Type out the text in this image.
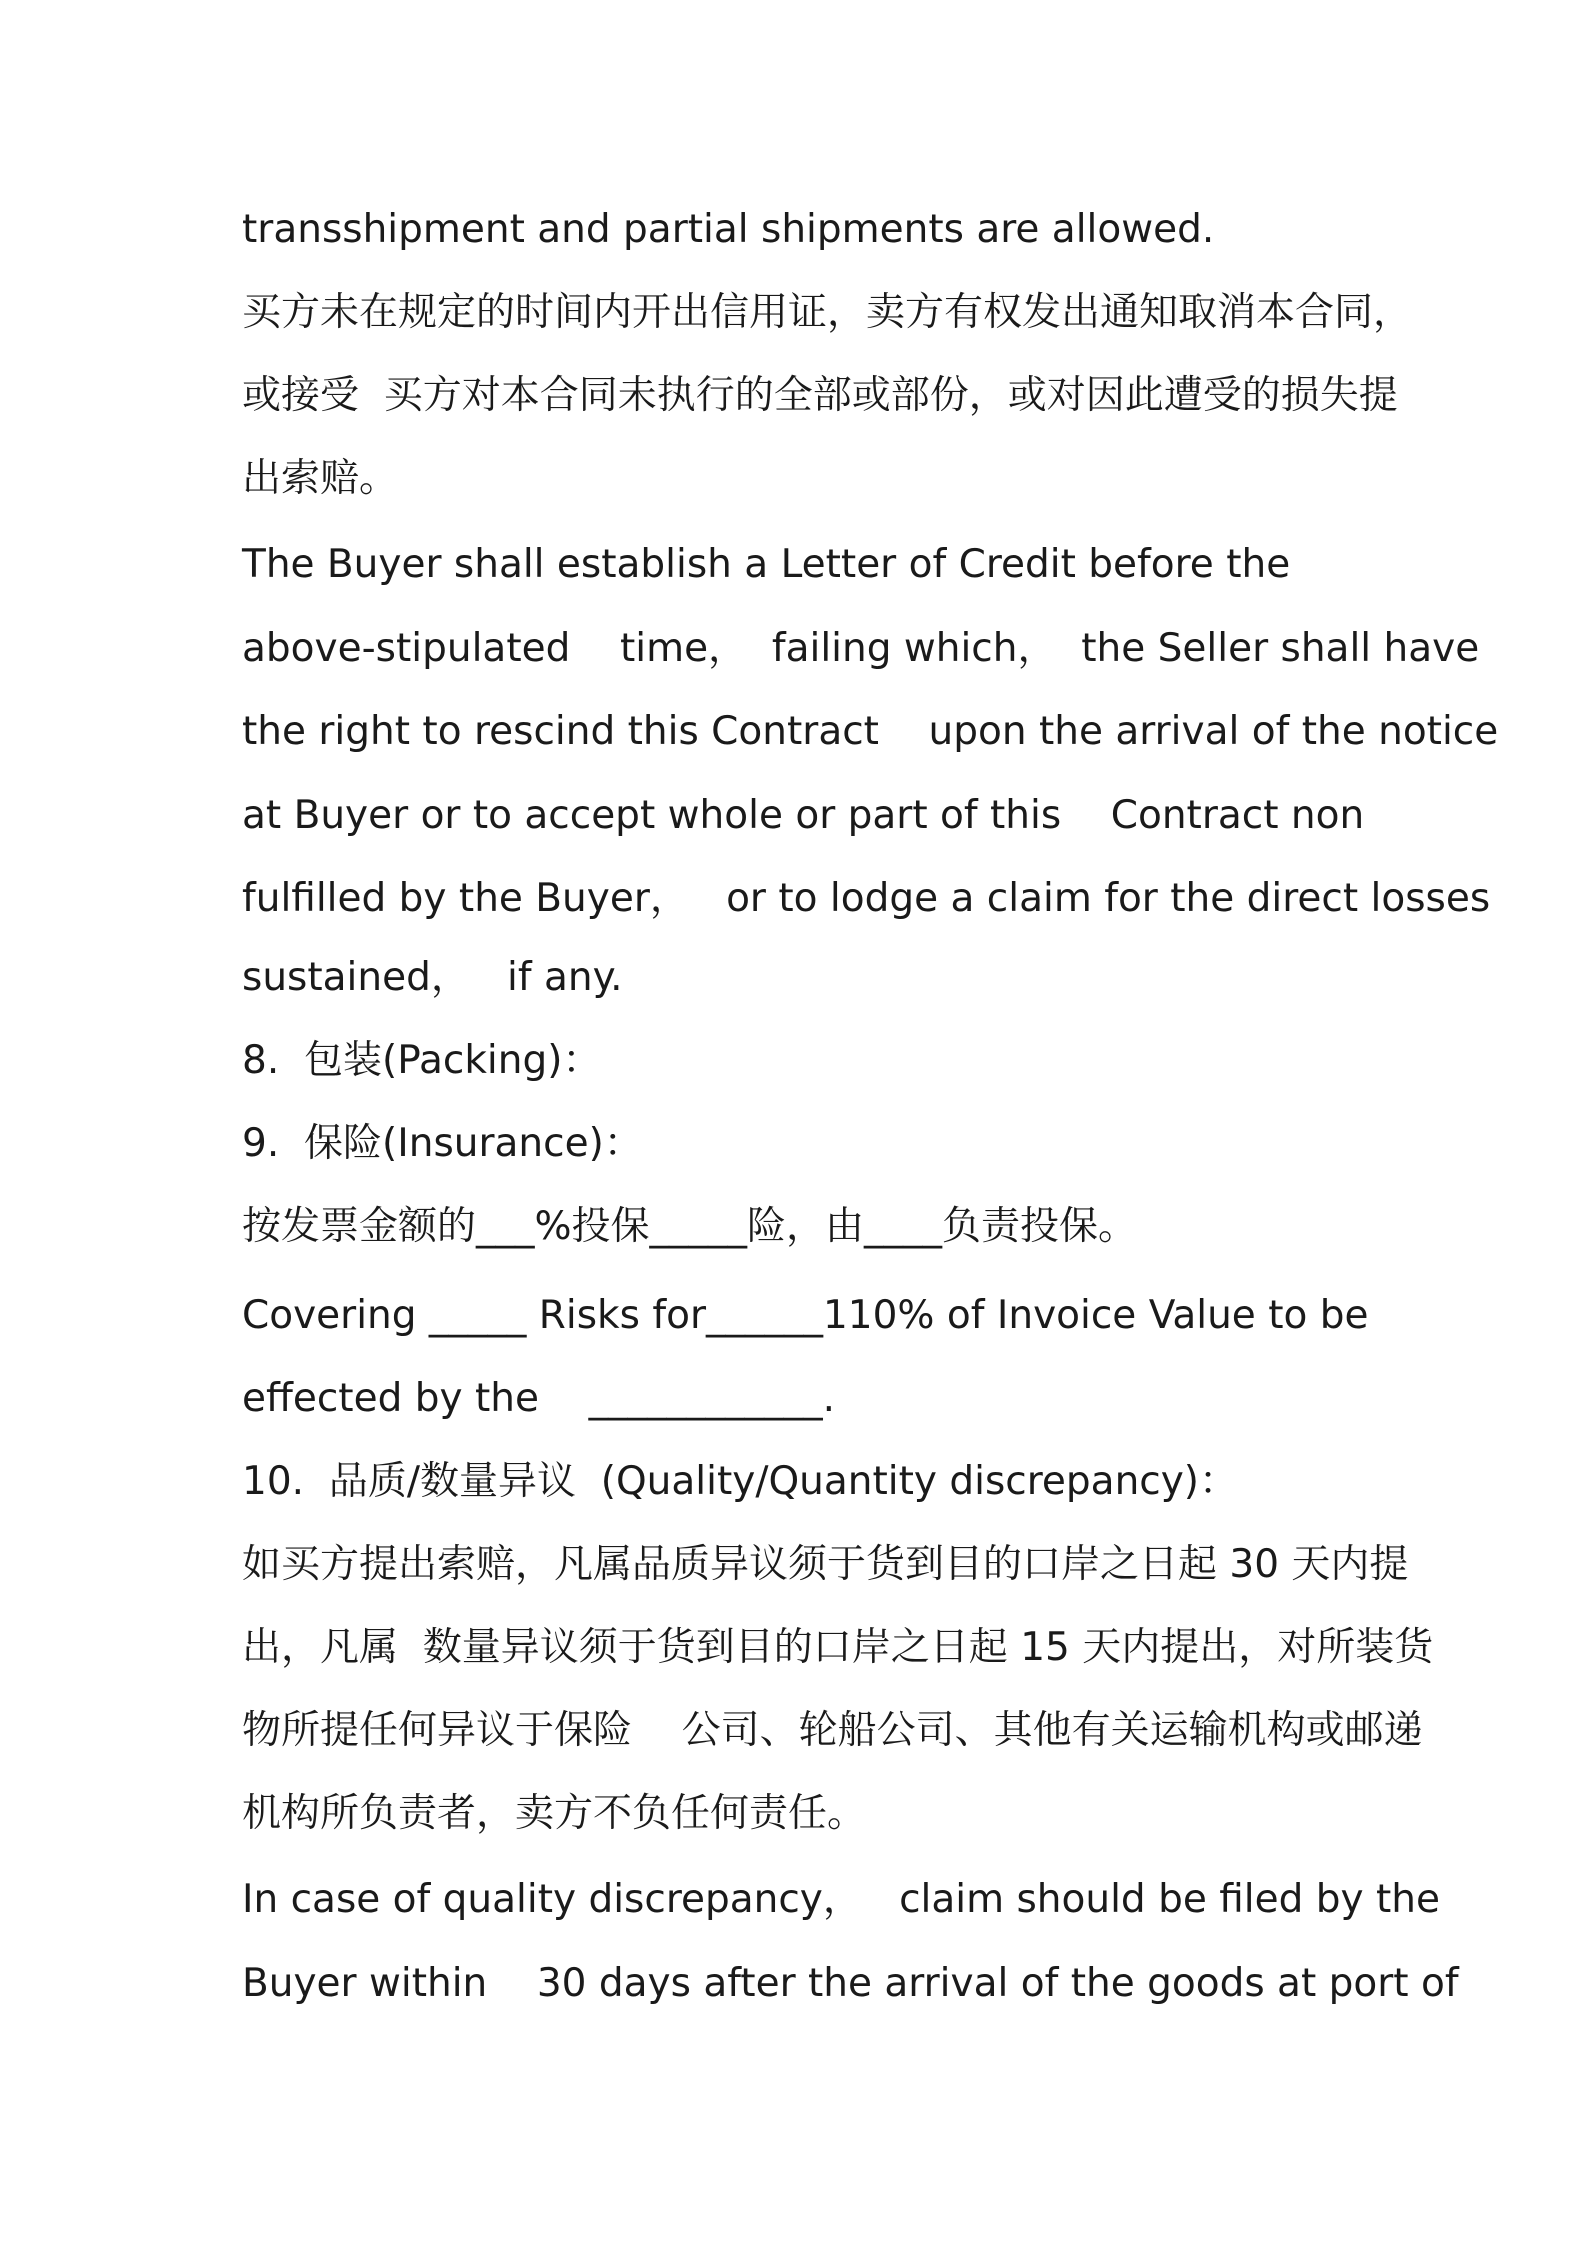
transshipment and partial shipments are allowed.

买方未在规定的时间内开出信用证，卖方有权发出通知取消本合同，

或接受  买方对本合同未执行的全部或部份，或对因此遭受的损失提

出索赔。

The Buyer shall establish a Letter of Credit before the

above-stipulated    time，  failing which，  the Seller shall have

the right to rescind this Contract    upon the arrival of the notice

at Buyer or to accept whole or part of this    Contract non

fulfilled by the Buyer，   or to lodge a claim for the direct losses

sustained，   if any.

8.  包装(Packing)：

9.  保险(Insurance)：

按发票金额的___%投保_____险，由____负责投保。

Covering _____ Risks for______110% of Invoice Value to be

effected by the    ____________.

10.  品质/数量异议  (Quality/Quantity discrepancy)：

如买方提出索赔，凡属品质异议须于货到目的口岸之日起 30 天内提

出，凡属  数量异议须于货到目的口岸之日起 15 天内提出，对所装货

物所提任何异议于保险    公司、轮船公司、其他有关运输机构或邮递

机构所负责者，卖方不负任何责任。

In case of quality discrepancy，   claim should be filed by the

Buyer within    30 days after the arrival of the goods at port of
